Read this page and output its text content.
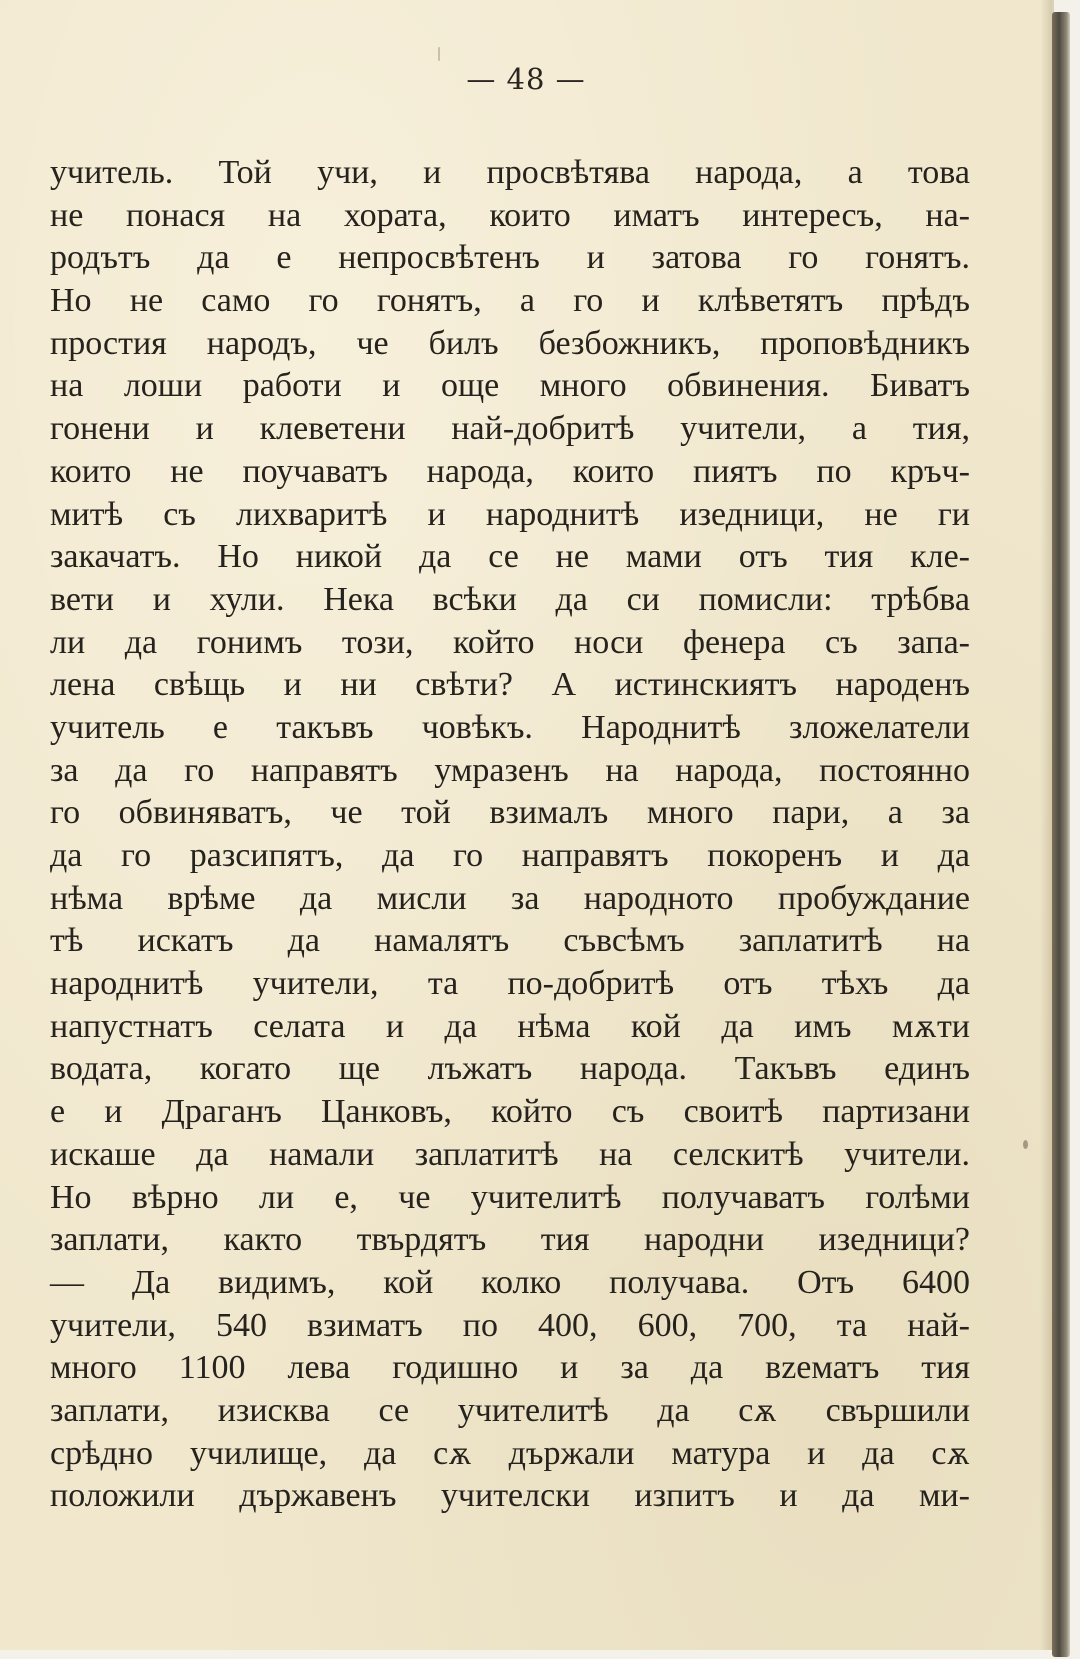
— 48 —
учитель. Той учи, и просвѣтява народа, а това
не понася на хората, които иматъ интересъ, на-
родътъ да е непросвѣтенъ и затова го гонятъ.
Но не само го гонятъ, а го и клѣветятъ прѣдъ
простия народъ, че билъ безбожникъ, проповѣдникъ
на лоши работи и още много обвинения. Биватъ
гонени и клеветени най-добритѣ учители, а тия,
които не поучаватъ народа, които пиятъ по кръч-
митѣ съ лихваритѣ и народнитѣ изедници, не ги
закачатъ. Но никой да се не мами отъ тия кле-
вети и хули. Нека всѣки да си помисли: трѣбва
ли да гонимъ този, който носи фенера съ запа-
лена свѣщь и ни свѣти? А истинскиятъ народенъ
учитель е такъвъ човѣкъ. Народнитѣ зложелатели
за да го направятъ умразенъ на народа, постоянно
го обвиняватъ, че той взималъ много пари, а за
да го разсипятъ, да го направятъ покоренъ и да
нѣма врѣме да мисли за народното пробуждание
тѣ искатъ да намалятъ съвсѣмъ заплатитѣ на
народнитѣ учители, та по-добритѣ отъ тѣхъ да
напустнатъ селата и да нѣма кой да имъ мѫти
водата, когато ще лъжатъ народа. Такъвъ единъ
е и Драганъ Цанковъ, който съ своитѣ партизани
искаше да намали заплатитѣ на селскитѣ учители.
Но вѣрно ли е, че учителитѣ получаватъ голѣми
заплати, както твърдятъ тия народни изедници?
— Да видимъ, кой колко получава. Отъ 6400
учители, 540 взиматъ по 400, 600, 700, та най-
много 1100 лева годишно и за да вzематъ тия
заплати, изисква се учителитѣ да сѫ свършили
срѣдно училище, да сѫ държали матура и да сѫ
положили държавенъ учителски изпитъ и да ми-
